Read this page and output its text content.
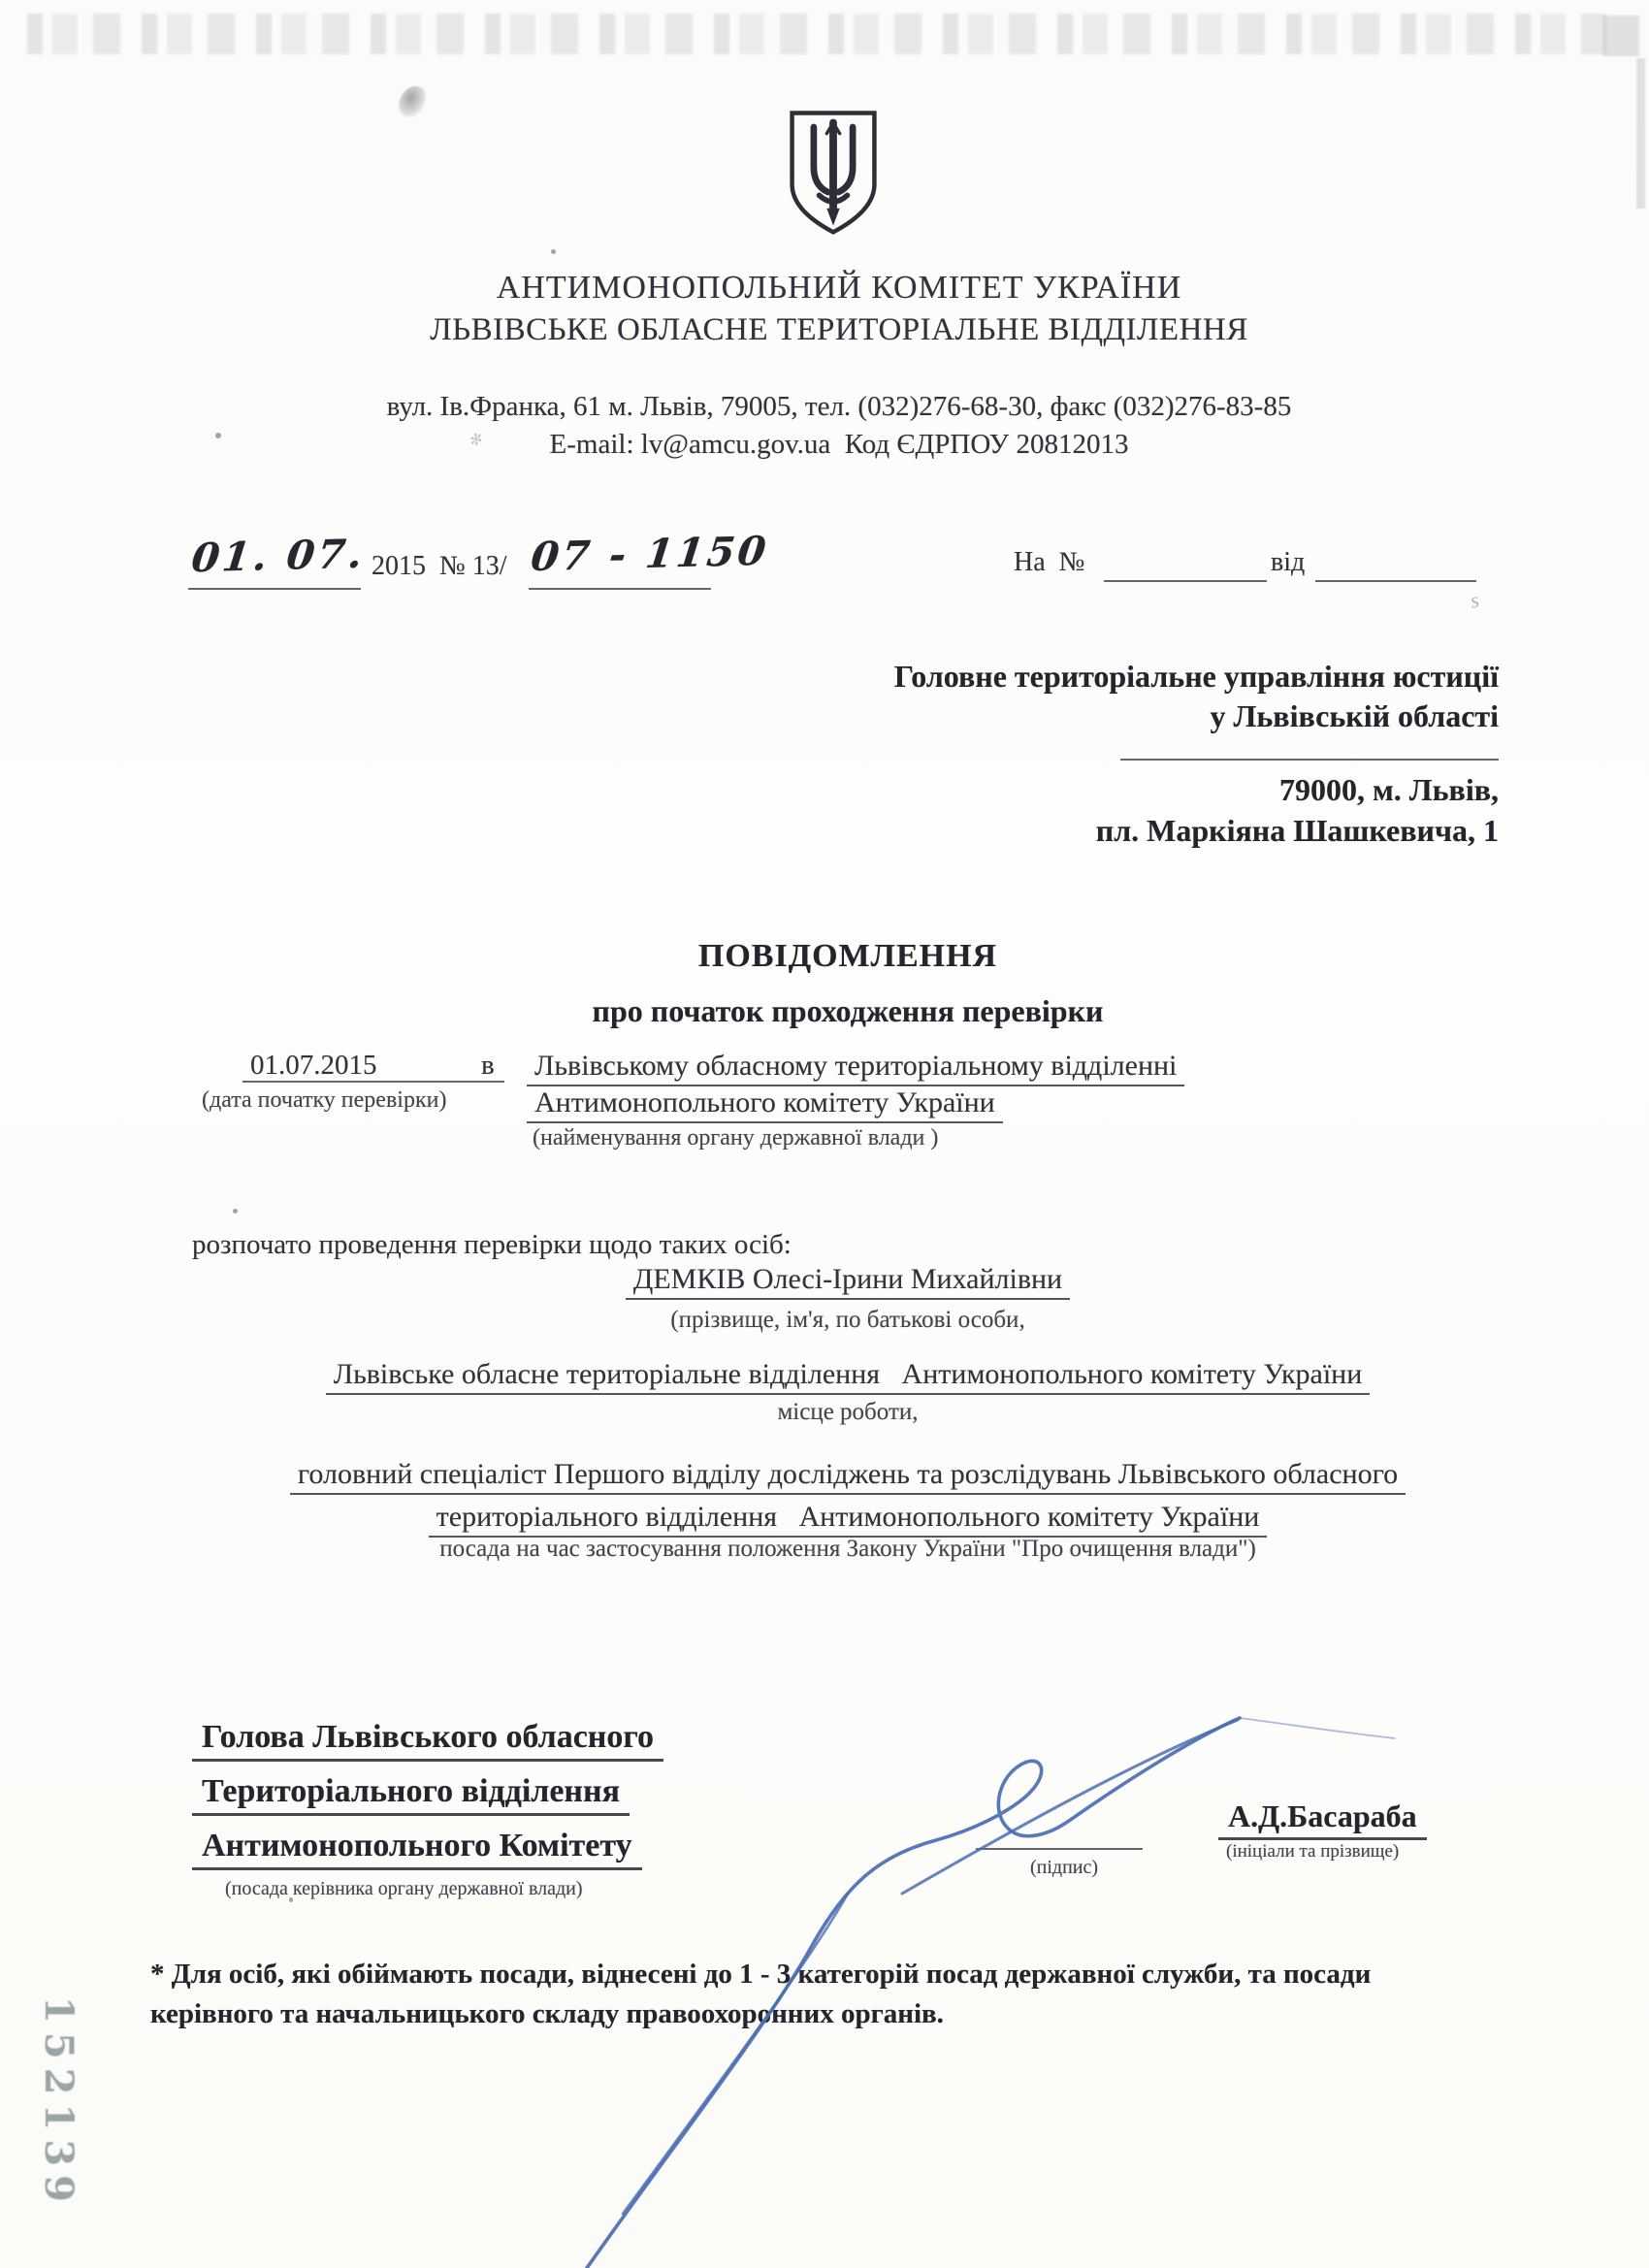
s
✻
АНТИМОНОПОЛЬНИЙ КОМІТЕТ УКРАЇНИ
ЛЬВІВСЬКЕ ОБЛАСНЕ ТЕРИТОРІАЛЬНЕ ВІДДІЛЕННЯ
вул. Ів.Франка, 61 м. Львів, 79005, тел. (032)276-68-30, факс (032)276-83-85
E-mail: lv@amcu.gov.ua  Код ЄДРПОУ 20812013
01. 07. 2015  № 13/ 07 - 1150	На  №	від
Головне територіальне управління юстиції
у Львівській області
79000, м. Львів,
пл. Маркіяна Шашкевича, 1
ПОВІДОМЛЕННЯ
про початок проходження перевірки
01.07.2015	в Львівському обласному територіальному відділенні
(дата початку перевірки)	Антимонопольного комітету України
(найменування органу державної влади )
розпочато проведення перевірки щодо таких осіб:
ДЕМКІВ Олесі-Ірини Михайлівни
(прізвище, ім'я, по батькові особи,
Львівське обласне територіальне відділення   Антимонопольного комітету України
місце роботи,
головний спеціаліст Першого відділу досліджень та розслідувань Львівського обласного
територіального відділення   Антимонопольного комітету України
посада на час застосування положення Закону України "Про очищення влади")
Голова Львівського обласного
Територіального відділення
Антимонопольного Комітету
(посада керівника органу державної влади)
(підпис)
А.Д.Басараба
(ініціали та прізвище)
* Для осіб, які обіймають посади, віднесені до 1 - 3 категорій посад державної служби, та посади
керівного та начальницького складу правоохоронних органів.
152139
